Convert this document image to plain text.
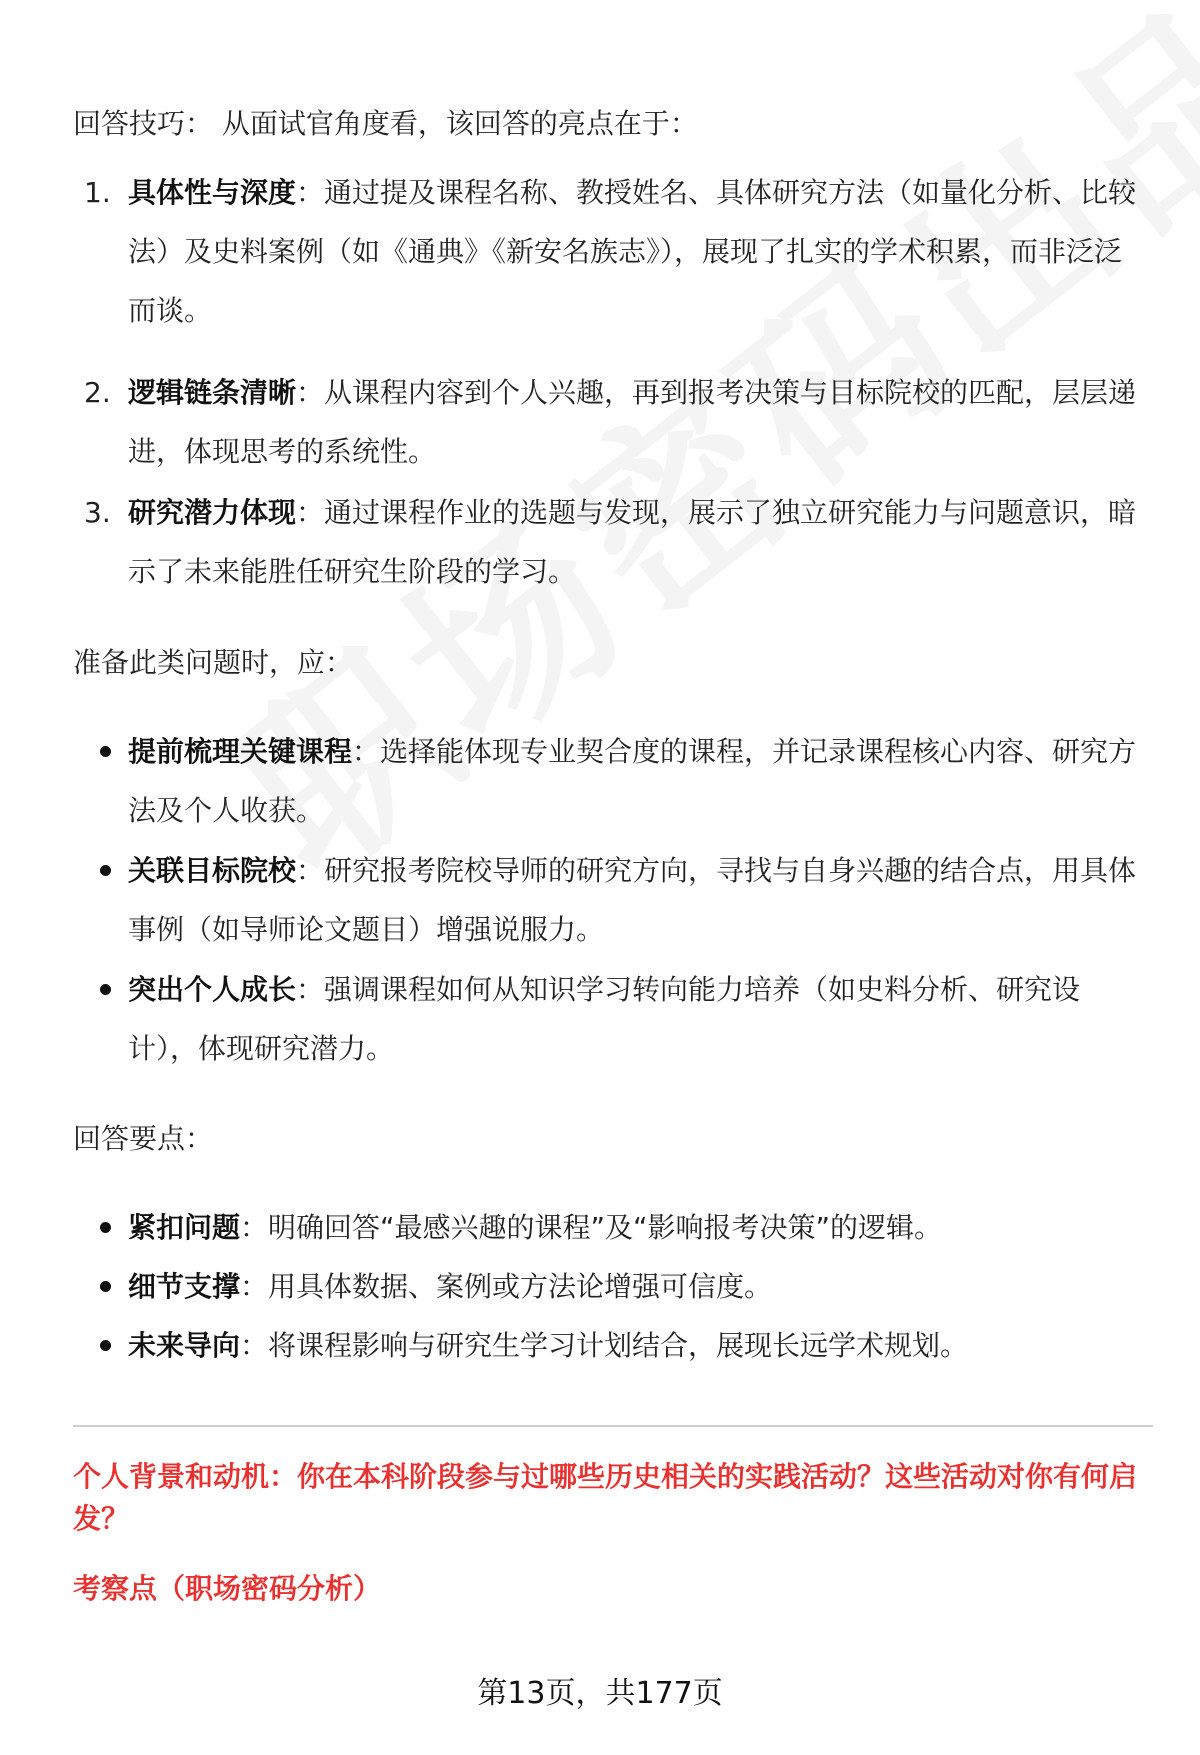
回答技巧： 从面试官角度看，该回答的亮点在于：
1. 具体性与深度：通过提及课程名称、教授姓名、具体研究方法（如量化分析、比较法）及史料案例（如《通典》《新安名族志》），展现了扎实的学术积累，而非泛泛而谈。
2. 逻辑链条清晰：从课程内容到个人兴趣，再到报考决策与目标院校的匹配，层层递进，体现思考的系统性。
3. 研究潜力体现：通过课程作业的选题与发现，展示了独立研究能力与问题意识，暗示了未来能胜任研究生阶段的学习。
准备此类问题时，应：
提前梳理关键课程：选择能体现专业契合度的课程，并记录课程核心内容、研究方法及个人收获。
关联目标院校：研究报考院校导师的研究方向，寻找与自身兴趣的结合点，用具体事例（如导师论文题目）增强说服力。
突出个人成长：强调课程如何从知识学习转向能力培养（如史料分析、研究设计），体现研究潜力。
回答要点：
紧扣问题：明确回答“最感兴趣的课程”及“影响报考决策”的逻辑。
细节支撑：用具体数据、案例或方法论增强可信度。
未来导向：将课程影响与研究生学习计划结合，展现长远学术规划。
个人背景和动机：你在本科阶段参与过哪些历史相关的实践活动？这些活动对你有何启发？
考察点（职场密码分析）
第13页，共177页
